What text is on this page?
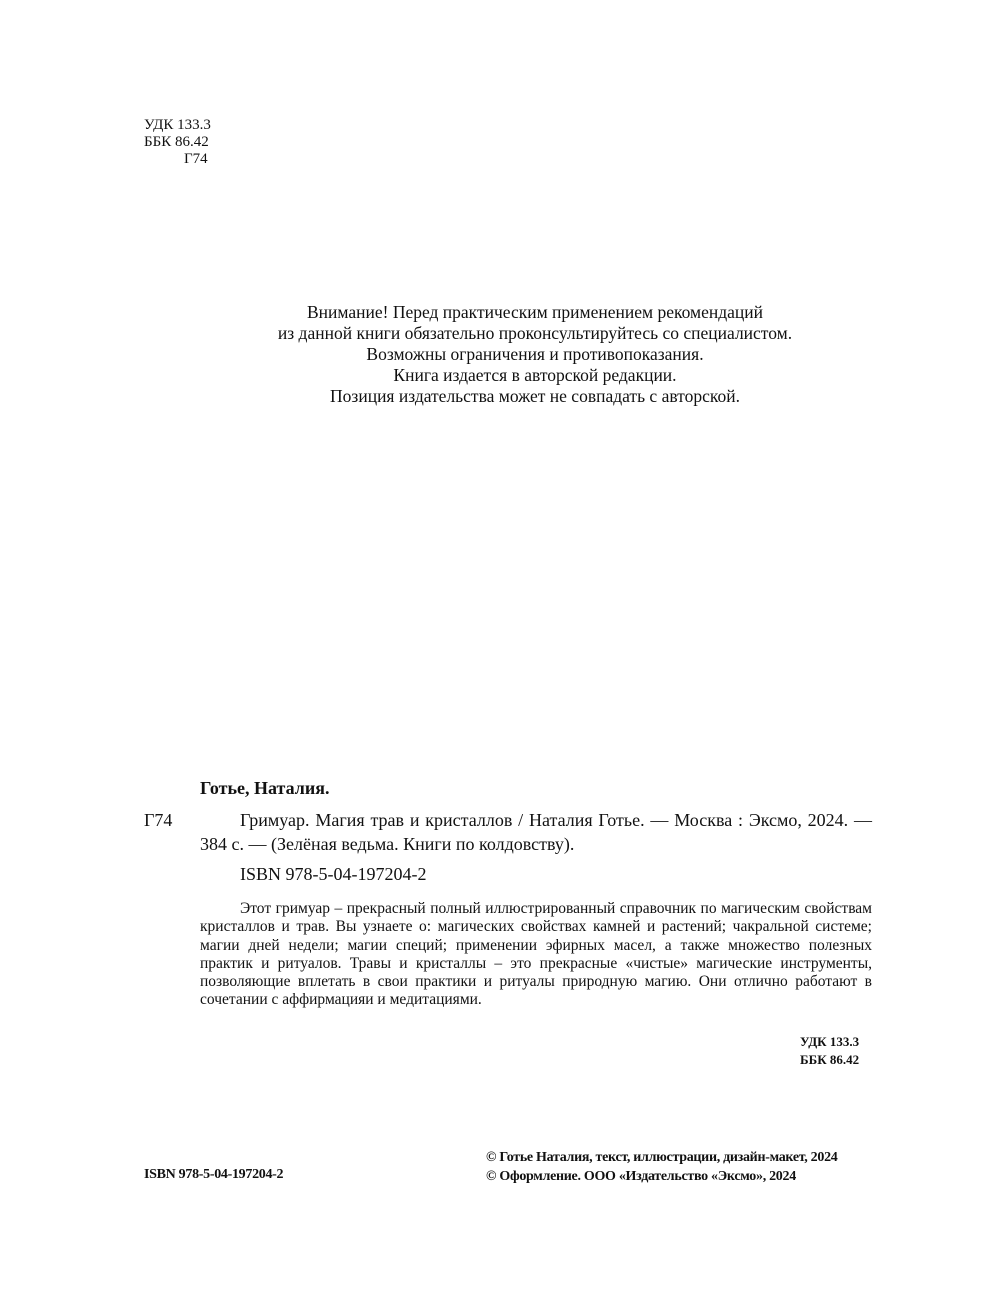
УДК 133.3
ББК 86.42
Г74
Внимание! Перед практическим применением рекомендаций
из данной книги обязательно проконсультируйтесь со специалистом.
Возможны ограничения и противопоказания.
Книга издается в авторской редакции.
Позиция издательства может не совпадать с авторской.
Готье, Наталия.
Г74	Гримуар. Магия трав и кристаллов / Наталия Готье. — Москва : Эксмо, 2024. — 384 с. — (Зелёная ведьма. Книги по колдовству).
ISBN 978-5-04-197204-2
Этот гримуар – прекрасный полный иллюстрированный справочник по магическим свойствам кристаллов и трав. Вы узнаете о: магических свойствах камней и растений; чакральной системе; магии дней недели; магии специй; применении эфирных масел, а также множество полезных практик и ритуалов. Травы и кристаллы – это прекрасные «чистые» магические инструменты, позволяющие вплетать в свои практики и ритуалы природную магию. Они отлично работают в сочетании с аффирмацияи и медитациями.
УДК 133.3
ББК 86.42
ISBN 978-5-04-197204-2
© Готье Наталия, текст, иллюстрации, дизайн-макет, 2024
© Оформление. ООО «Издательство «Эксмо», 2024
